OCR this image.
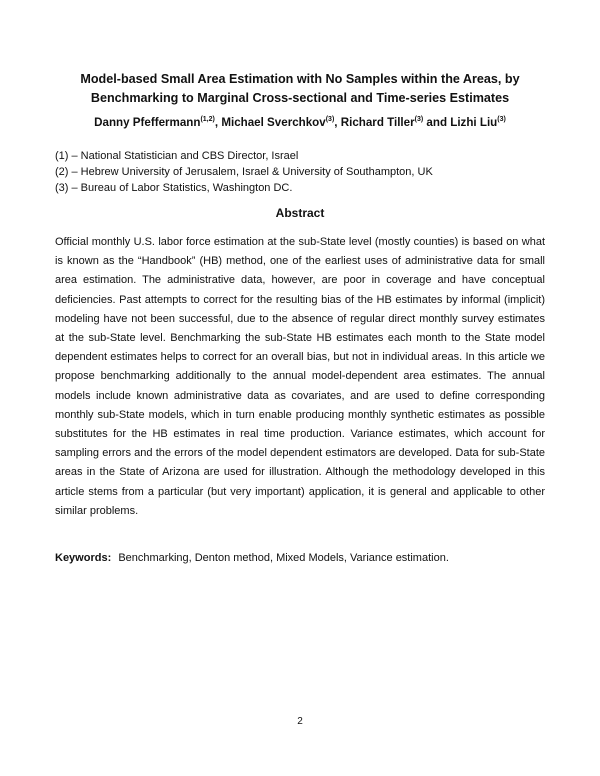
Model-based Small Area Estimation with No Samples within the Areas, by Benchmarking to Marginal Cross-sectional and Time-series Estimates
Danny Pfeffermann$^{(1,2)}$, Michael Sverchkov$^{(3)}$, Richard Tiller$^{(3)}$ and Lizhi Liu$^{(3)}$
(1) – National Statistician and CBS Director, Israel
(2) – Hebrew University of Jerusalem, Israel & University of Southampton, UK
(3) – Bureau of Labor Statistics, Washington DC.
Abstract
Official monthly U.S. labor force estimation at the sub-State level (mostly counties) is based on what is known as the “Handbook” (HB) method, one of the earliest uses of administrative data for small area estimation. The administrative data, however, are poor in coverage and have conceptual deficiencies. Past attempts to correct for the resulting bias of the HB estimates by informal (implicit) modeling have not been successful, due to the absence of regular direct monthly survey estimates at the sub-State level. Benchmarking the sub-State HB estimates each month to the State model dependent estimates helps to correct for an overall bias, but not in individual areas. In this article we propose benchmarking additionally to the annual model-dependent area estimates. The annual models include known administrative data as covariates, and are used to define corresponding monthly sub-State models, which in turn enable producing monthly synthetic estimates as possible substitutes for the HB estimates in real time production. Variance estimates, which account for sampling errors and the errors of the model dependent estimators are developed. Data for sub-State areas in the State of Arizona are used for illustration. Although the methodology developed in this article stems from a particular (but very important) application, it is general and applicable to other similar problems.
Keywords: Benchmarking, Denton method, Mixed Models, Variance estimation.
2
